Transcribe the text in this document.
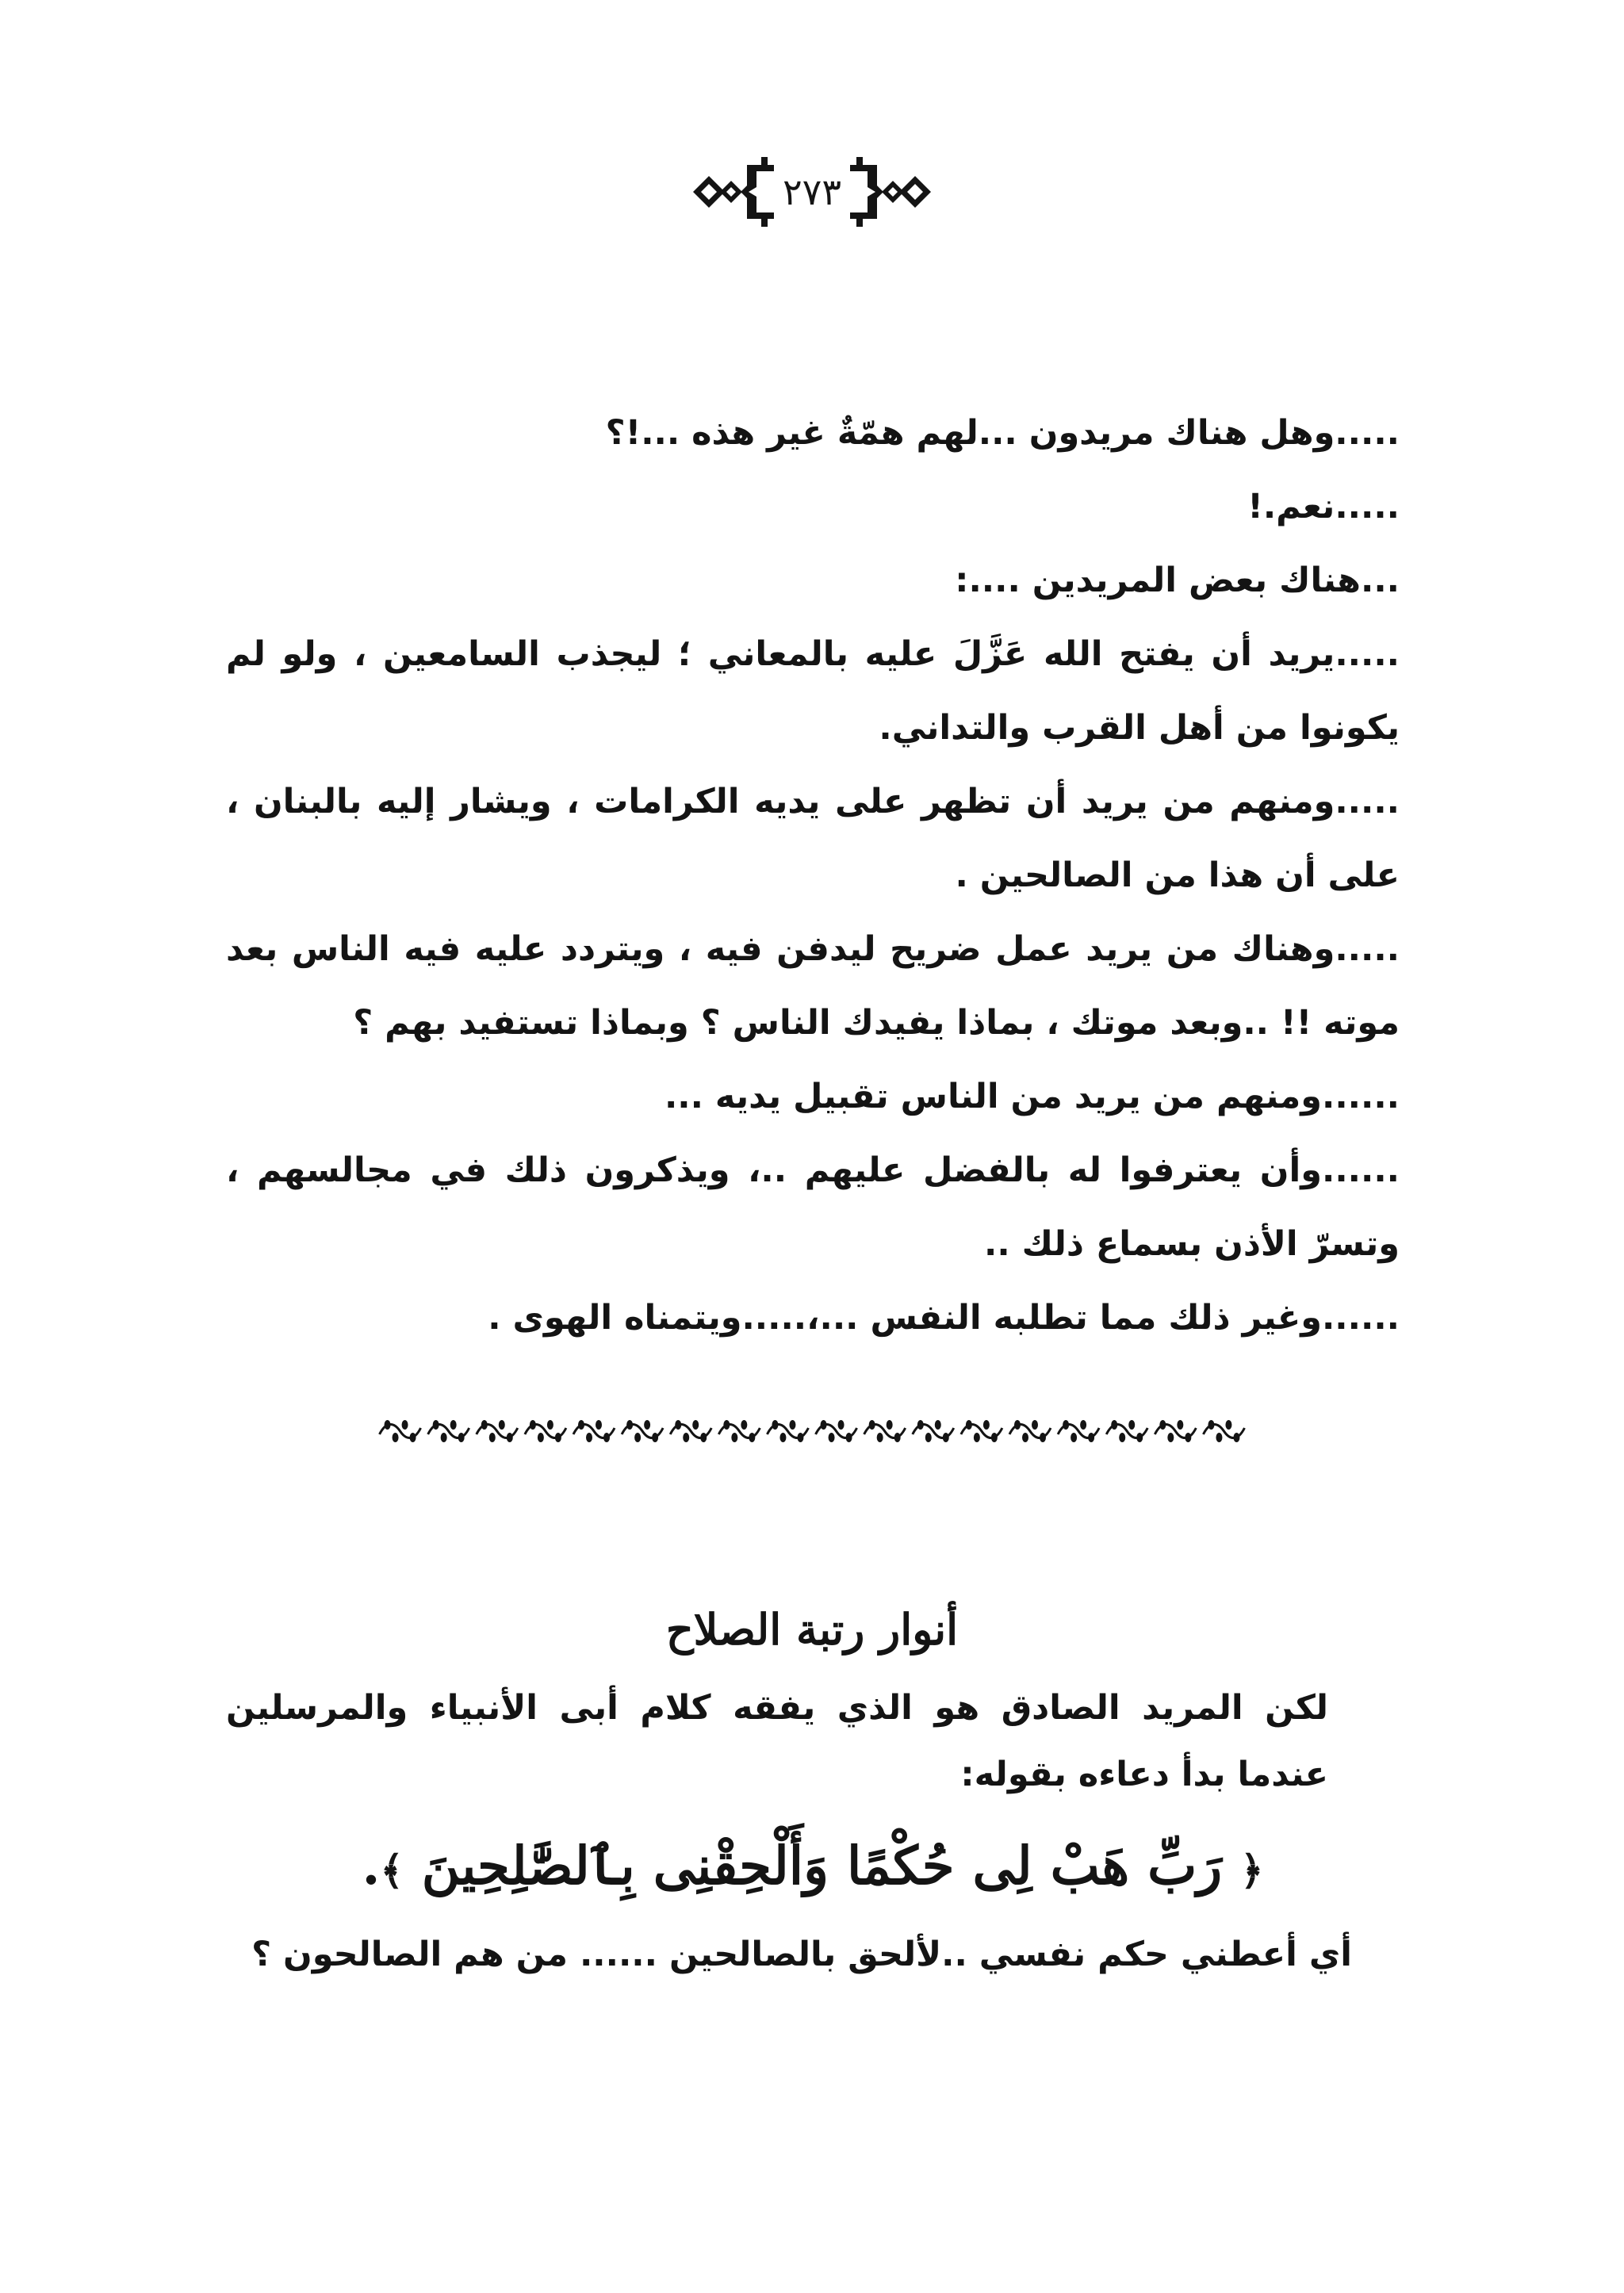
٢٧٣

.....وهل هناك مريدون ...لهم همّةٌ غير هذه ...!؟

.....نعم.!

...هناك بعض المريدين ....:

.....يريد أن يفتح الله عَزَّلَ عليه بالمعاني ؛ ليجذب السامعين ، ولو لم يكونوا من أهل القرب والتداني.

.....ومنهم من يريد أن تظهر على يديه الكرامات ، ويشار إليه بالبنان ، على أن هذا من الصالحين .

.....وهناك من يريد عمل ضريح ليدفن فيه ، ويتردد عليه فيه الناس بعد موته !! ..وبعد موتك ، بماذا يفيدك الناس ؟ وبماذا تستفيد بهم ؟

......ومنهم من يريد من الناس تقبيل يديه ...

......وأن يعترفوا له بالفضل عليهم ..، ويذكرون ذلك في مجالسهم ، وتسرّ الأذن بسماع ذلك ..

......وغير ذلك مما تطلبه النفس ...،.....ويتمناه الهوى .

أنوار رتبة الصلاح

لكن المريد الصادق هو الذي يفقه كلام أبى الأنبياء والمرسلين عندما بدأ دعاءه بقوله:

﴿ رَبِّ هَبْ لِى حُكْمًا وَأَلْحِقْنِى بِٱلصَّٰلِحِينَ ﴾.

أي أعطني حكم نفسي ..لألحق بالصالحين ...... من هم الصالحون ؟
